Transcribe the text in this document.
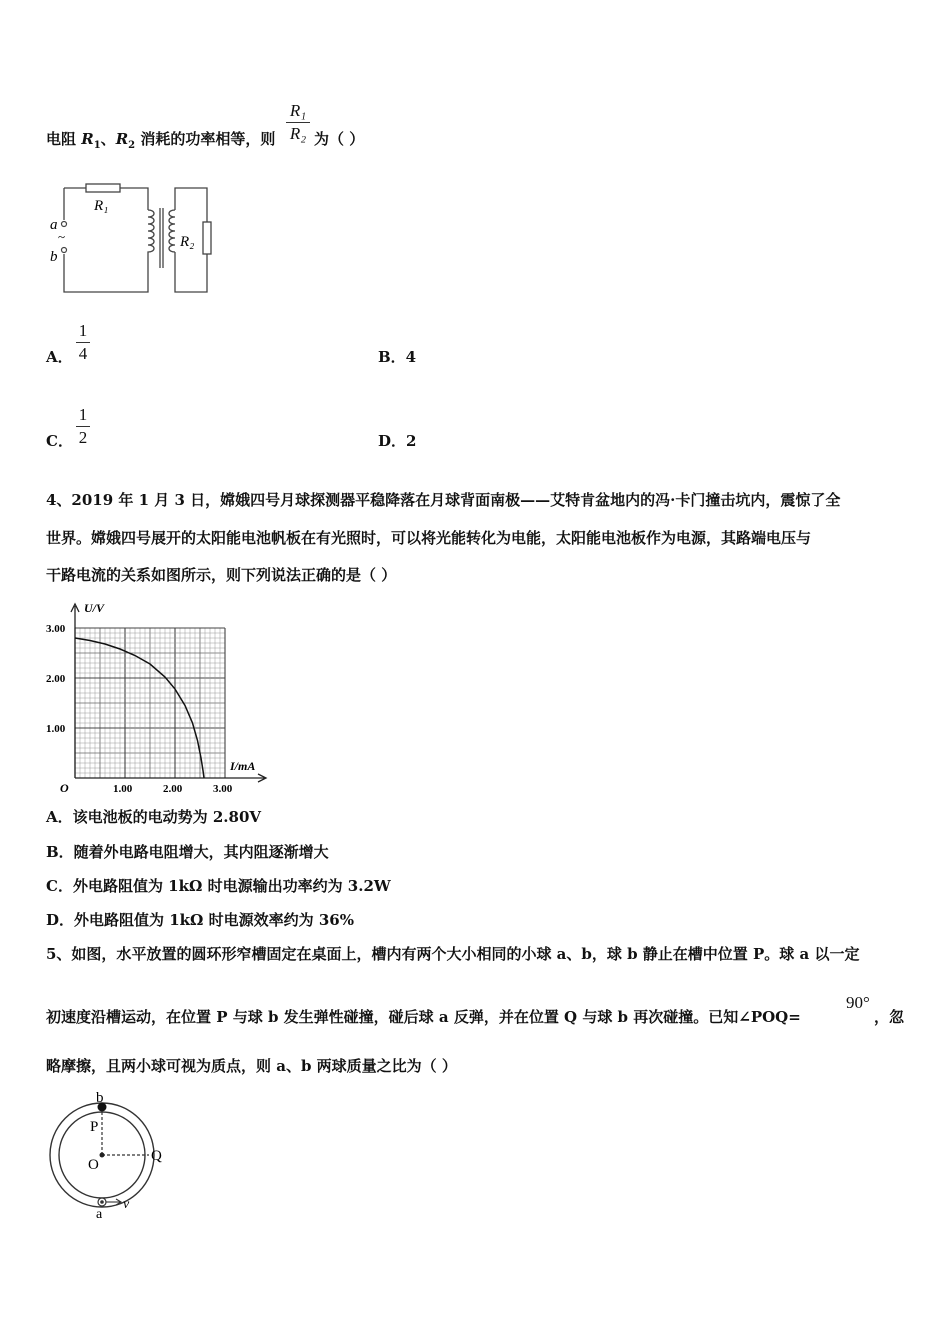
电阻 $R_1$、$R_2$ 消耗的功率相等，则
R₁
R₂ 为（ ）
~
a
b
R₁
R₂
A．
1
4	B．4
C．
1
2	D．2
4、2019 年 1 月 3 日，嫦娥四号月球探测器平稳降落在月球背面南极——艾特肯盆地内的冯·卡门撞击坑内，震惊了全
世界。嫦娥四号展开的太阳能电池帆板在有光照时，可以将光能转化为电能，太阳能电池板作为电源，其路端电压与
干路电流的关系如图所示，则下列说法正确的是（ ）
1.00	2.00	3.00
1.00
2.00
3.00
U/V
I/mA
O
A．该电池板的电动势为 2.80V
B．随着外电路电阻增大，其内阻逐渐增大
C．外电路阻值为 1kΩ 时电源输出功率约为 3.2W
D．外电路阻值为 1kΩ 时电源效率约为 36%
5、如图，水平放置的圆环形窄槽固定在桌面上，槽内有两个大小相同的小球 a、b，球 b 静止在槽中位置 P。球 a 以一定
初速度沿槽运动，在位置 P 与球 b 发生弹性碰撞，碰后球 a 反弹，并在位置 Q 与球 b 再次碰撞。已知∠POQ=
90°
，忽
略摩擦，且两小球可视为质点，则 a、b 两球质量之比为（ ）
b
P
O
Q
a
v
